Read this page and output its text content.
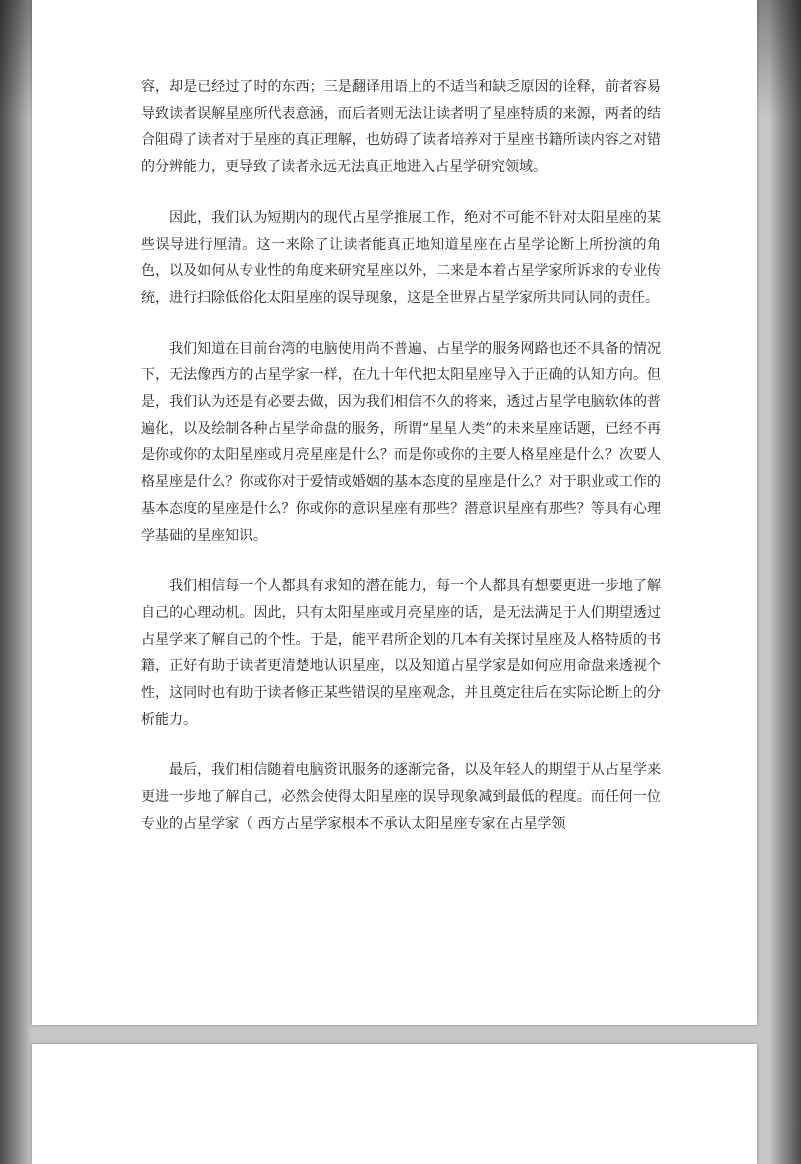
容，却是已经过了时的东西；三是翻译用语上的不适当和缺乏原因的诠释，前者容易导致读者误解星座所代表意涵，而后者则无法让读者明了星座特质的来源，两者的结合阻碍了读者对于星座的真正理解，也妨碍了读者培养对于星座书籍所读内容之对错的分辨能力，更导致了读者永远无法真正地进入占星学研究领域。

因此，我们认为短期内的现代占星学推展工作，绝对不可能不针对太阳星座的某些误导进行厘清。这一来除了让读者能真正地知道星座在占星学论断上所扮演的角色，以及如何从专业性的角度来研究星座以外，二来是本着占星学家所诉求的专业传统，进行扫除低俗化太阳星座的误导现象，这是全世界占星学家所共同认同的责任。

我们知道在目前台湾的电脑使用尚不普遍、占星学的服务网路也还不具备的情况下，无法像西方的占星学家一样，在九十年代把太阳星座导入于正确的认知方向。但是，我们认为还是有必要去做，因为我们相信不久的将来，透过占星学电脑软体的普遍化，以及绘制各种占星学命盘的服务，所谓“星星人类”的未来星座话题，已经不再是你或你的太阳星座或月亮星座是什么？而是你或你的主要人格星座是什么？次要人格星座是什么？你或你对于爱情或婚姻的基本态度的星座是什么？对于职业或工作的基本态度的星座是什么？你或你的意识星座有那些？潜意识星座有那些？等具有心理学基础的星座知识。

我们相信每一个人都具有求知的潜在能力，每一个人都具有想要更进一步地了解自己的心理动机。因此，只有太阳星座或月亮星座的话，是无法满足于人们期望透过占星学来了解自己的个性。于是，能平君所企划的几本有关探讨星座及人格特质的书籍，正好有助于读者更清楚地认识星座，以及知道占星学家是如何应用命盘来透视个性，这同时也有助于读者修正某些错误的星座观念，并且奠定往后在实际论断上的分析能力。

最后，我们相信随着电脑资讯服务的逐渐完备，以及年轻人的期望于从占星学来更进一步地了解自己，必然会使得太阳星座的误导现象减到最低的程度。而任何一位专业的占星学家（ 西方占星学家根本不承认太阳星座专家在占星学领
